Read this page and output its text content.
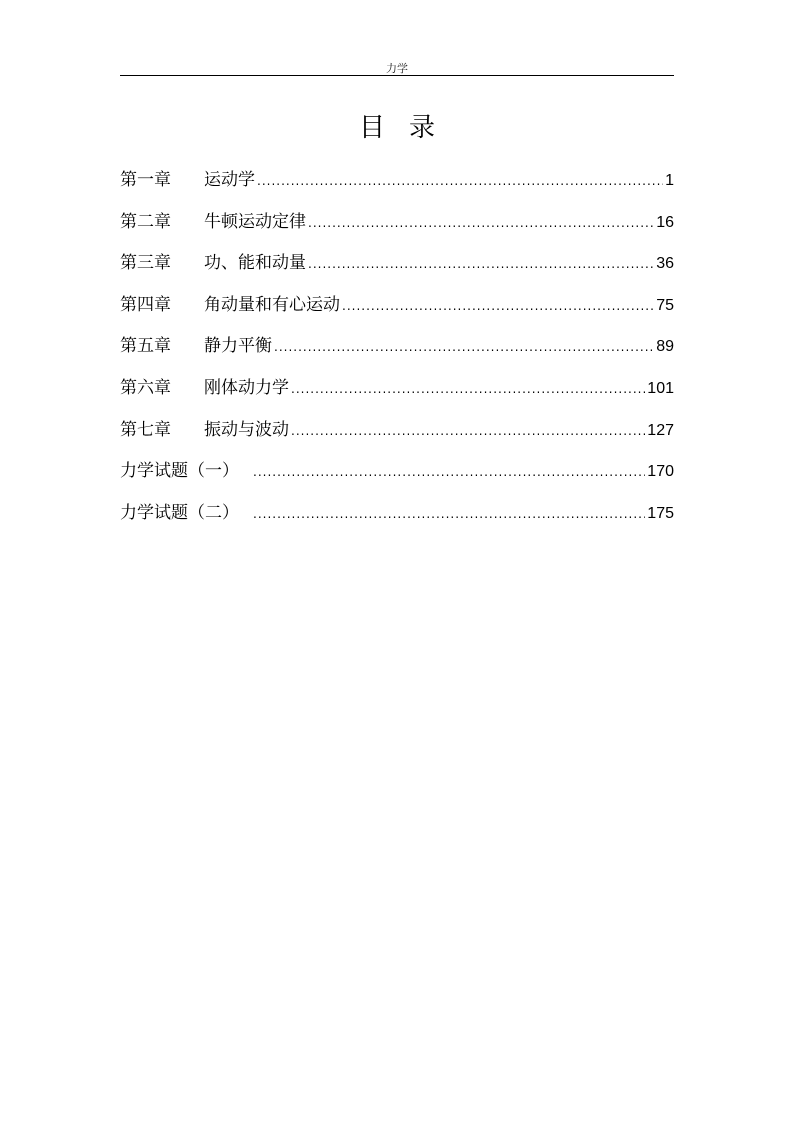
力学
目录
第一章	运动学 .....	1
第二章	牛顿运动定律 .....	16
第三章	功、能和动量 .....	36
第四章	角动量和有心运动 .....	75
第五章	静力平衡 .....	89
第六章	刚体动力学 .....	101
第七章	振动与波动 .....	127
力学试题（一） .....	170
力学试题（二） .....	175
